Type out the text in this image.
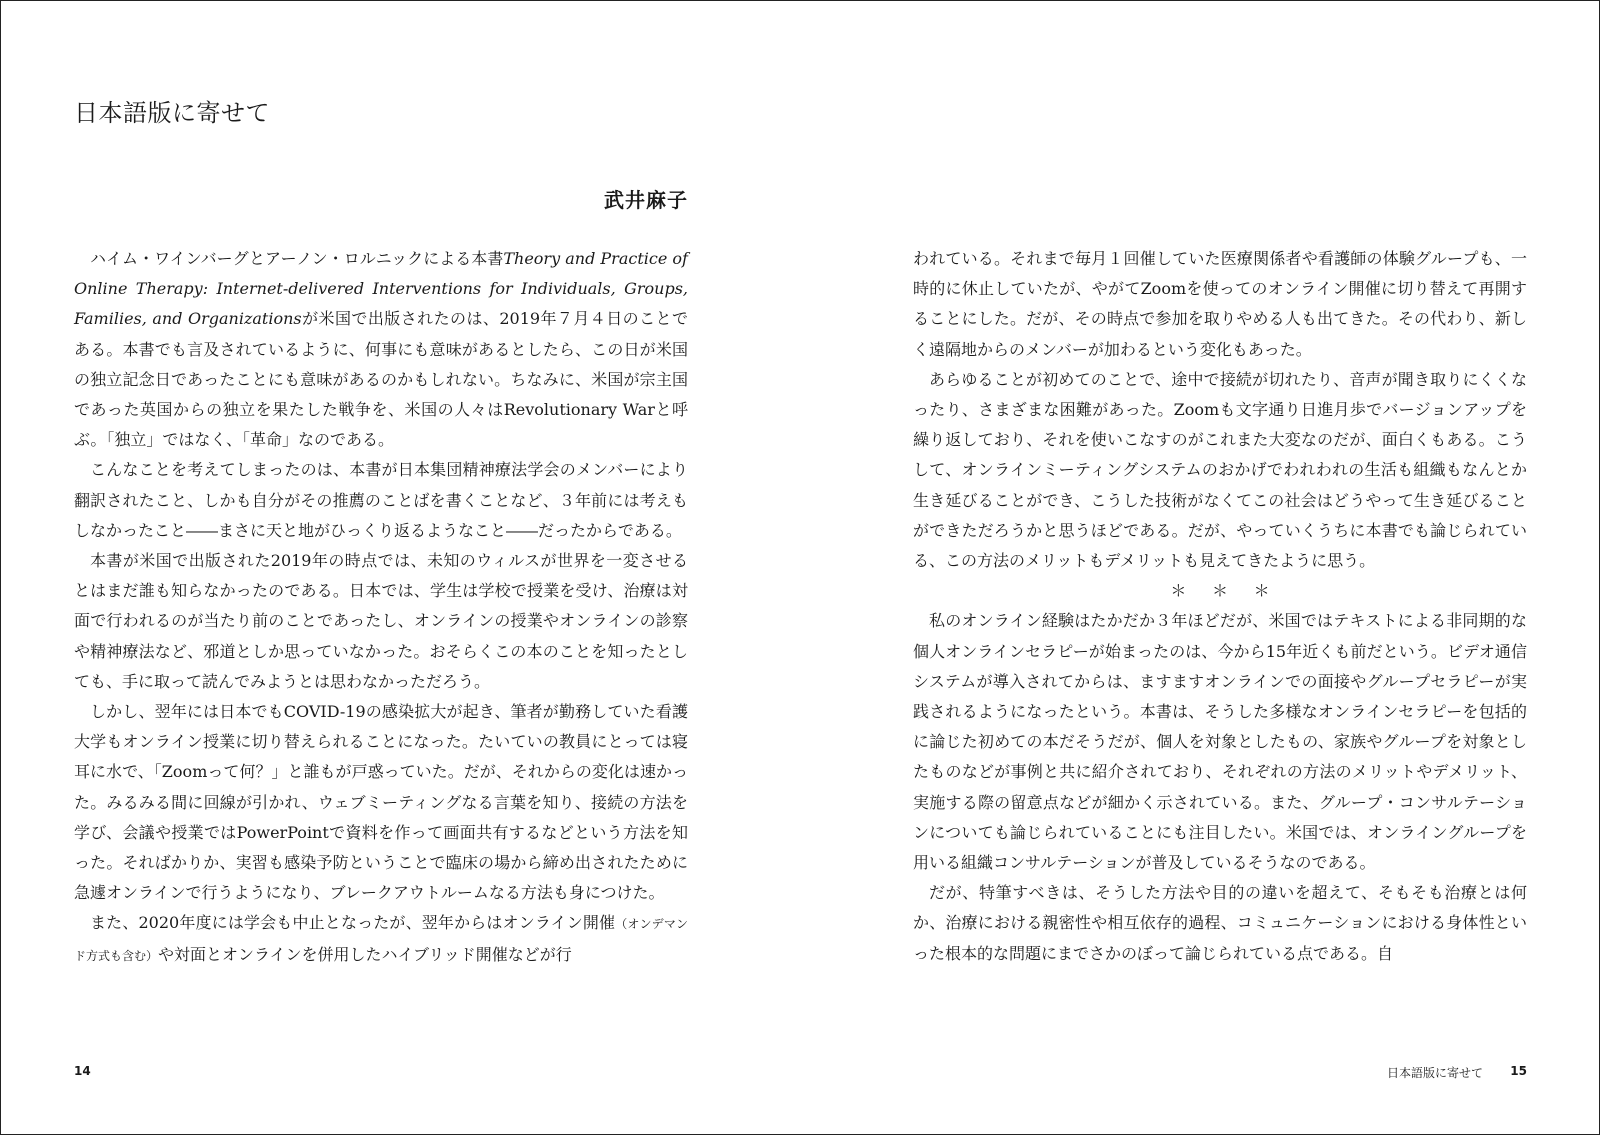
日本語版に寄せて
武井麻子

ハイム・ワインバーグとアーノン・ロルニックによる本書Theory and Practice of Online Therapy: Internet-delivered Interventions for Individuals, Groups, Families, and Organizationsが米国で出版されたのは、2019年７月４日のことである。本書でも言及されているように、何事にも意味があるとしたら、この日が米国の独立記念日であったことにも意味があるのかもしれない。ちなみに、米国が宗主国であった英国からの独立を果たした戦争を、米国の人々はRevolutionary Warと呼ぶ。「独立」ではなく、「革命」なのである。

こんなことを考えてしまったのは、本書が日本集団精神療法学会のメンバーにより翻訳されたこと、しかも自分がその推薦のことばを書くことなど、３年前には考えもしなかったこと――まさに天と地がひっくり返るようなこと――だったからである。

本書が米国で出版された2019年の時点では、未知のウィルスが世界を一変させるとはまだ誰も知らなかったのである。日本では、学生は学校で授業を受け、治療は対面で行われるのが当たり前のことであったし、オンラインの授業やオンラインの診察や精神療法など、邪道としか思っていなかった。おそらくこの本のことを知ったとしても、手に取って読んでみようとは思わなかっただろう。

しかし、翌年には日本でもCOVID-19の感染拡大が起き、筆者が勤務していた看護大学もオンライン授業に切り替えられることになった。たいていの教員にとっては寝耳に水で、「Zoomって何？」と誰もが戸惑っていた。だが、それからの変化は速かった。みるみる間に回線が引かれ、ウェブミーティングなる言葉を知り、接続の方法を学び、会議や授業ではPowerPointで資料を作って画面共有するなどという方法を知った。そればかりか、実習も感染予防ということで臨床の場から締め出されたために急遽オンラインで行うようになり、ブレークアウトルームなる方法も身につけた。

また、2020年度には学会も中止となったが、翌年からはオンライン開催（オンデマンド方式も含む）や対面とオンラインを併用したハイブリッド開催などが行

14

われている。それまで毎月１回催していた医療関係者や看護師の体験グループも、一時的に休止していたが、やがてZoomを使ってのオンライン開催に切り替えて再開することにした。だが、その時点で参加を取りやめる人も出てきた。その代わり、新しく遠隔地からのメンバーが加わるという変化もあった。

あらゆることが初めてのことで、途中で接続が切れたり、音声が聞き取りにくくなったり、さまざまな困難があった。Zoomも文字通り日進月歩でバージョンアップを繰り返しており、それを使いこなすのがこれまた大変なのだが、面白くもある。こうして、オンラインミーティングシステムのおかげでわれわれの生活も組織もなんとか生き延びることができ、こうした技術がなくてこの社会はどうやって生き延びることができただろうかと思うほどである。だが、やっていくうちに本書でも論じられている、この方法のメリットもデメリットも見えてきたように思う。

＊＊＊

私のオンライン経験はたかだか３年ほどだが、米国ではテキストによる非同期的な個人オンラインセラピーが始まったのは、今から15年近くも前だという。ビデオ通信システムが導入されてからは、ますますオンラインでの面接やグループセラピーが実践されるようになったという。本書は、そうした多様なオンラインセラピーを包括的に論じた初めての本だそうだが、個人を対象としたもの、家族やグループを対象としたものなどが事例と共に紹介されており、それぞれの方法のメリットやデメリット、実施する際の留意点などが細かく示されている。また、グループ・コンサルテーションについても論じられていることにも注目したい。米国では、オンライングループを用いる組織コンサルテーションが普及しているそうなのである。

だが、特筆すべきは、そうした方法や目的の違いを超えて、そもそも治療とは何か、治療における親密性や相互依存的過程、コミュニケーションにおける身体性といった根本的な問題にまでさかのぼって論じられている点である。自

日本語版に寄せて 15
